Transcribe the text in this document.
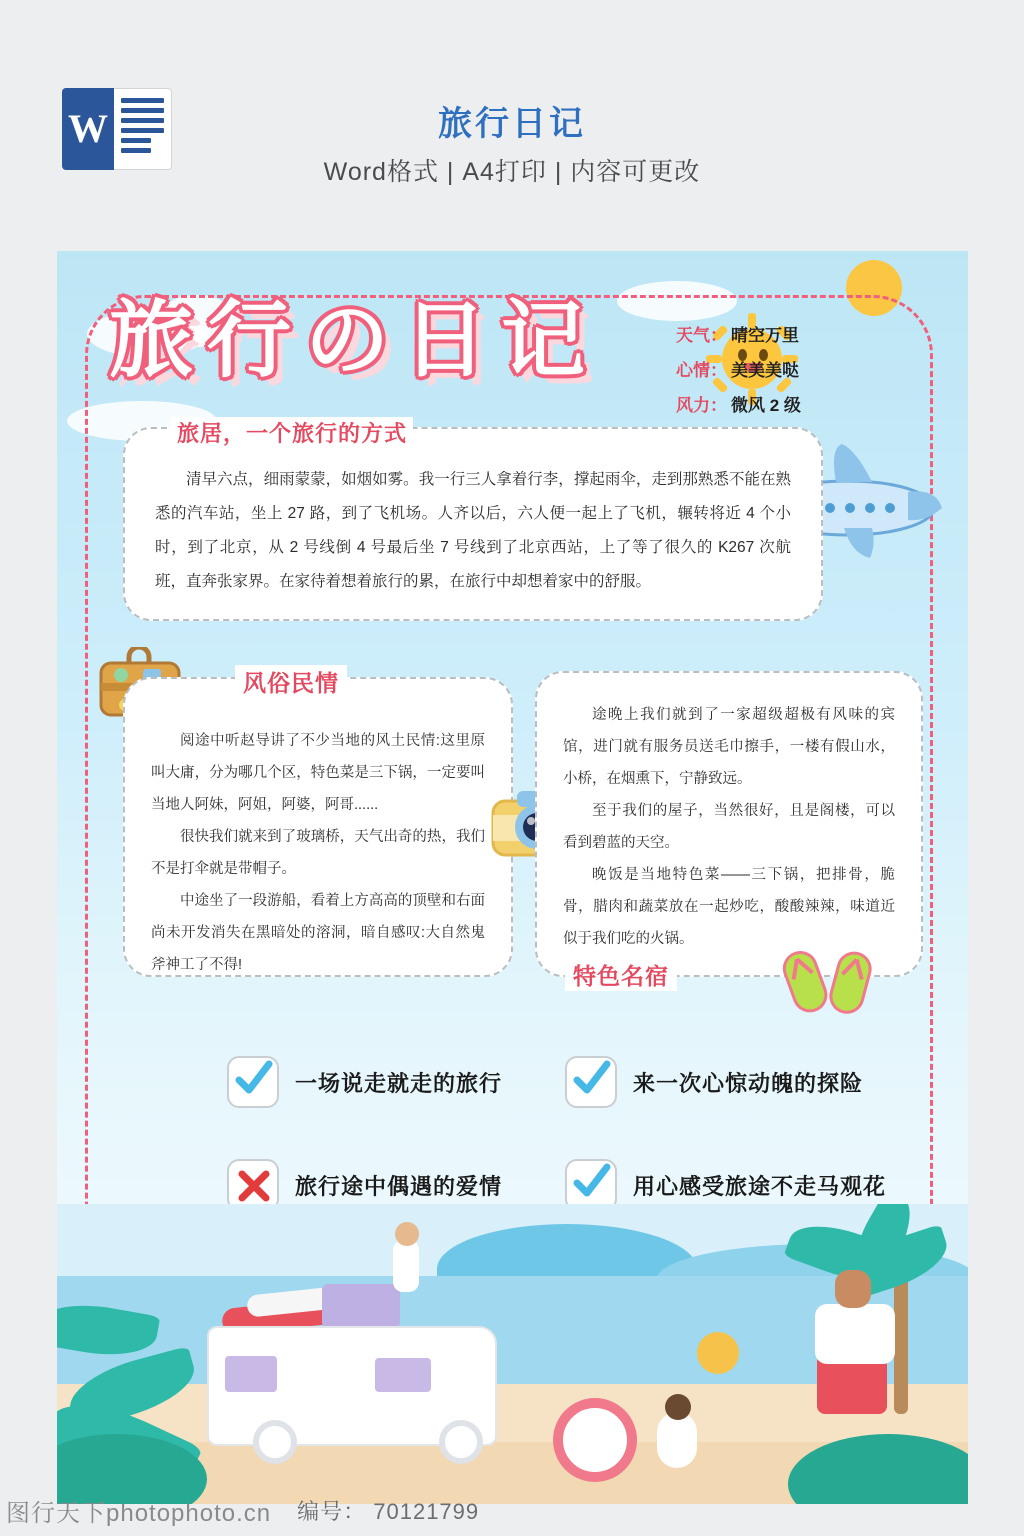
W	旅行日记
Word格式 | A4打印 | 内容可更改
旅行の日记	天气： 晴空万里
心情： 美美美哒
风力： 微风 2 级
旅居，一个旅行的方式

清早六点，细雨蒙蒙，如烟如雾。我一行三人拿着行李，撑起雨伞，走到那熟悉不能在熟悉的汽车站，坐上 27 路，到了飞机场。人齐以后，六人便一起上了飞机，辗转将近 4 个小时，到了北京，从 2 号线倒 4 号最后坐 7 号线到了北京西站，上了等了很久的 K267 次航班，直奔张家界。在家待着想着旅行的累，在旅行中却想着家中的舒服。

风俗民情

阅途中听赵导讲了不少当地的风土民情:这里原叫大庸，分为哪几个区，特色菜是三下锅，一定要叫当地人阿妹，阿姐，阿婆，阿哥......

很快我们就来到了玻璃桥，天气出奇的热，我们不是打伞就是带帽子。

中途坐了一段游船，看着上方高高的顶壁和右面尚未开发消失在黑暗处的溶洞，暗自感叹:大自然鬼斧神工了不得!

途晚上我们就到了一家超级超极有风味的宾馆，进门就有服务员送毛巾擦手，一楼有假山水，小桥，在烟熏下，宁静致远。

至于我们的屋子，当然很好，且是阁楼，可以看到碧蓝的天空。

晚饭是当地特色菜——三下锅，把排骨，脆骨，腊肉和蔬菜放在一起炒吃，酸酸辣辣，味道近似于我们吃的火锅。

特色名宿
一场说走就走的旅行	来一次心惊动魄的探险
旅行途中偶遇的爱情	用心感受旅途不走马观花
图行天下photophoto.cn 编号： 70121799
